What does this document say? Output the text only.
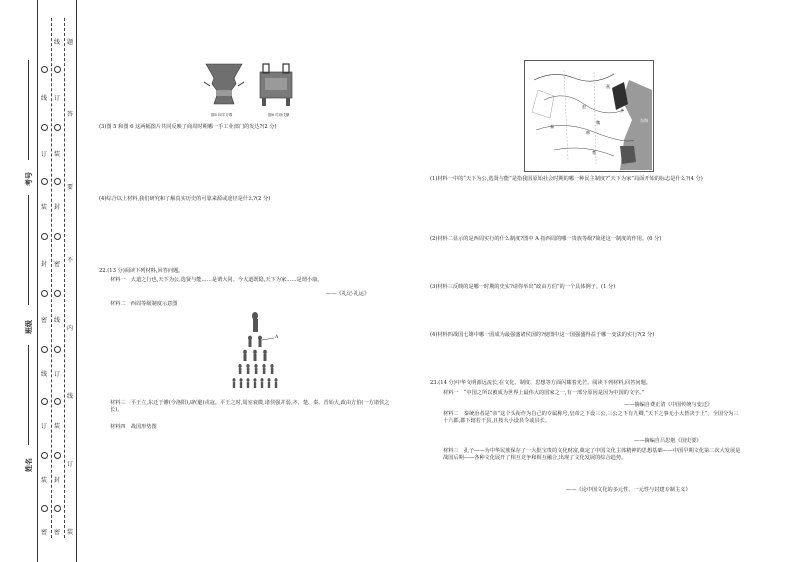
考号
班级
姓名
线
订
装
封
密
线
订
装
密
线
订
装
封
密
线
订
装
封
密
题
答
要
不
内
线
订
装
图5 四羊方尊	图6 司母戊鼎
(3)图 5 和图 6 这两幅图片共同反映了商周时期哪一手工业部门的发达?(2 分)
(4)综合以上材料,我们研究和了解真实历史的可靠来源或途径是什么?(2 分)
22.(13 分)阅读下列材料,回答问题。
材料一　大道之行也,天下为公,选贤与能……是谓大同。今大道既隐,天下为家……是谓小康。
——《礼记·礼运》
材料二　西周等级制度示意图
A
材料三　平王立,东迁于雒(今洛阳),辟(避)戎寇。平王之时,周室衰微,诸侯强并弱,齐、楚、秦、晋始大,政由方伯(一方诸侯之长)。
材料四　战国形势图
燕
齐
东海
赵
魏
韩
秦
楚
(1)材料一中的“天下为公,选贤与能”是指我国原始社会时期的哪一种民主制度?“天下为家”局面开始的标志是什么?(4 分)
(2)材料二显示的是西周实行的什么制度?图中 A 指西周的哪一贵族等级?简述这一制度的作用。(6 分)
(3)材料三反映的是哪一时期的史实?请你举出“政由方伯”的一个具体例子。(1 分)
(4)材料四战国七雄中哪一国成为最强盛诸侯国的?使图中这一国强盛得益于哪一变法的实行?(2 分)
23.(14 分)中华文明源远流长,在文化、制度、思想等方面闪耀着光芒。阅读下列材料,回答问题。
材料一　“中国之所以被成为世界上最伟大的国家之一,有一部分原因是因为中国的文字。”
——摘编自费正清《中国传统与变迁》
材料二　秦统治者是“帝”这个头衔作为自己的专属称号,皇帝之下设三公,三公之下有九卿,“天下之事无小大皆决于上”。全国分为三十六郡,郡下辖若干县,且按大小设县令或县长。
——摘编自吕思勉《国史要》
材料三　孔子——为中华民族保存了一大批宝贵的文化财富,奠定了中国文化主体精神的思想基础——中国早期文化第二次大发展是战国后期——各种文化展开了相互竞争和相互融合,出现了文化发展的综合趋势。
——《论中国文化的多元性、一元性与封建专制主义》
